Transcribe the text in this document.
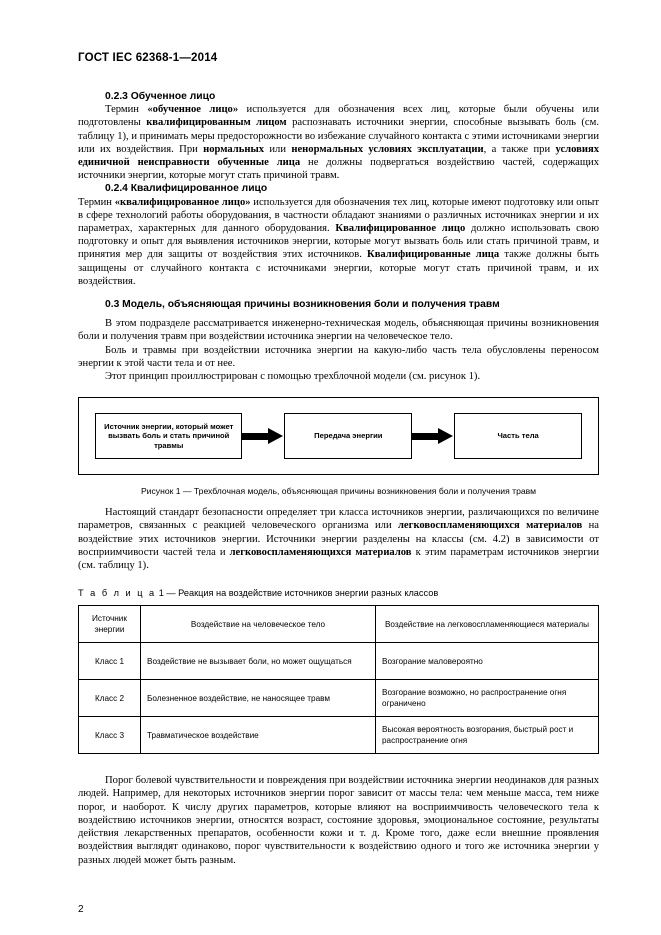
ГОСТ IEC 62368-1—2014
0.2.3 Обученное лицо

Термин «обученное лицо» используется для обозначения всех лиц, которые были обучены или подготовлены квалифицированным лицом распознавать источники энергии, способные вызывать боль (см. таблицу 1), и принимать меры предосторожности во избежание случайного контакта с этими источниками энергии или их воздействия. При нормальных или ненормальных условиях эксплуатации, а также при условиях единичной неисправности обученные лица не должны подвергаться воздействию частей, содержащих источники энергии, которые могут стать причиной травм.

0.2.4 Квалифицированное лицо

Термин «квалифицированное лицо» используется для обозначения тех лиц, которые имеют подготовку или опыт в сфере технологий работы оборудования, в частности обладают знаниями о различных источниках энергии и их параметрах, характерных для данного оборудования. Квалифицированное лицо должно использовать свою подготовку и опыт для выявления источников энергии, которые могут вызвать боль или стать причиной травм, и принятия мер для защиты от воздействия этих источников. Квалифицированные лица также должны быть защищены от случайного контакта с источниками энергии, которые могут стать причиной травм, и их воздействия.

0.3 Модель, объясняющая причины возникновения боли и получения травм

В этом подразделе рассматривается инженерно-техническая модель, объясняющая причины возникновения боли и получения травм при воздействии источника энергии на человеческое тело.

Боль и травмы при воздействии источника энергии на какую-либо часть тела обусловлены переносом энергии к этой части тела и от нее.

Этот принцип проиллюстрирован с помощью трехблочной модели (см. рисунок 1).

Источник энергии, который может вызвать боль и стать причиной травмы
Передача энергии	Часть тела
Рисунок 1 — Трехблочная модель, объясняющая причины возникновения боли и получения травм

Настоящий стандарт безопасности определяет три класса источников энергии, различающихся по величине параметров, связанных с реакцией человеческого организма или легковоспламеняющихся материалов на воздействие этих источников энергии. Источники энергии разделены на классы (см. 4.2) в зависимости от восприимчивости частей тела и легковоспламеняющихся материалов к этим параметрам источников энергии (см. таблицу 1).

Т а б л и ц а 1 — Реакция на воздействие источников энергии разных классов
Источник энергии	Воздействие на человеческое тело	Воздействие на легковоспламеняющиеся материалы
Класс 1	Воздействие не вызывает боли, но может ощущаться	Возгорание маловероятно
Класс 2	Болезненное воздействие, не наносящее травм	Возгорание возможно, но распространение огня ограничено
Класс 3	Травматическое воздействие	Высокая вероятность возгорания, быстрый рост и распространение огня

Порог болевой чувствительности и повреждения при воздействии источника энергии неодинаков для разных людей. Например, для некоторых источников энергии порог зависит от массы тела: чем меньше масса, тем ниже порог, и наоборот. К числу других параметров, которые влияют на восприимчивость человеческого тела к воздействию источников энергии, относятся возраст, состояние здоровья, эмоциональное состояние, результаты действия лекарственных препаратов, особенности кожи и т. д. Кроме того, даже если внешние проявления воздействия выглядят одинаково, порог чувствительности к воздействию одного и того же источника энергии у разных людей может быть разным.

2
